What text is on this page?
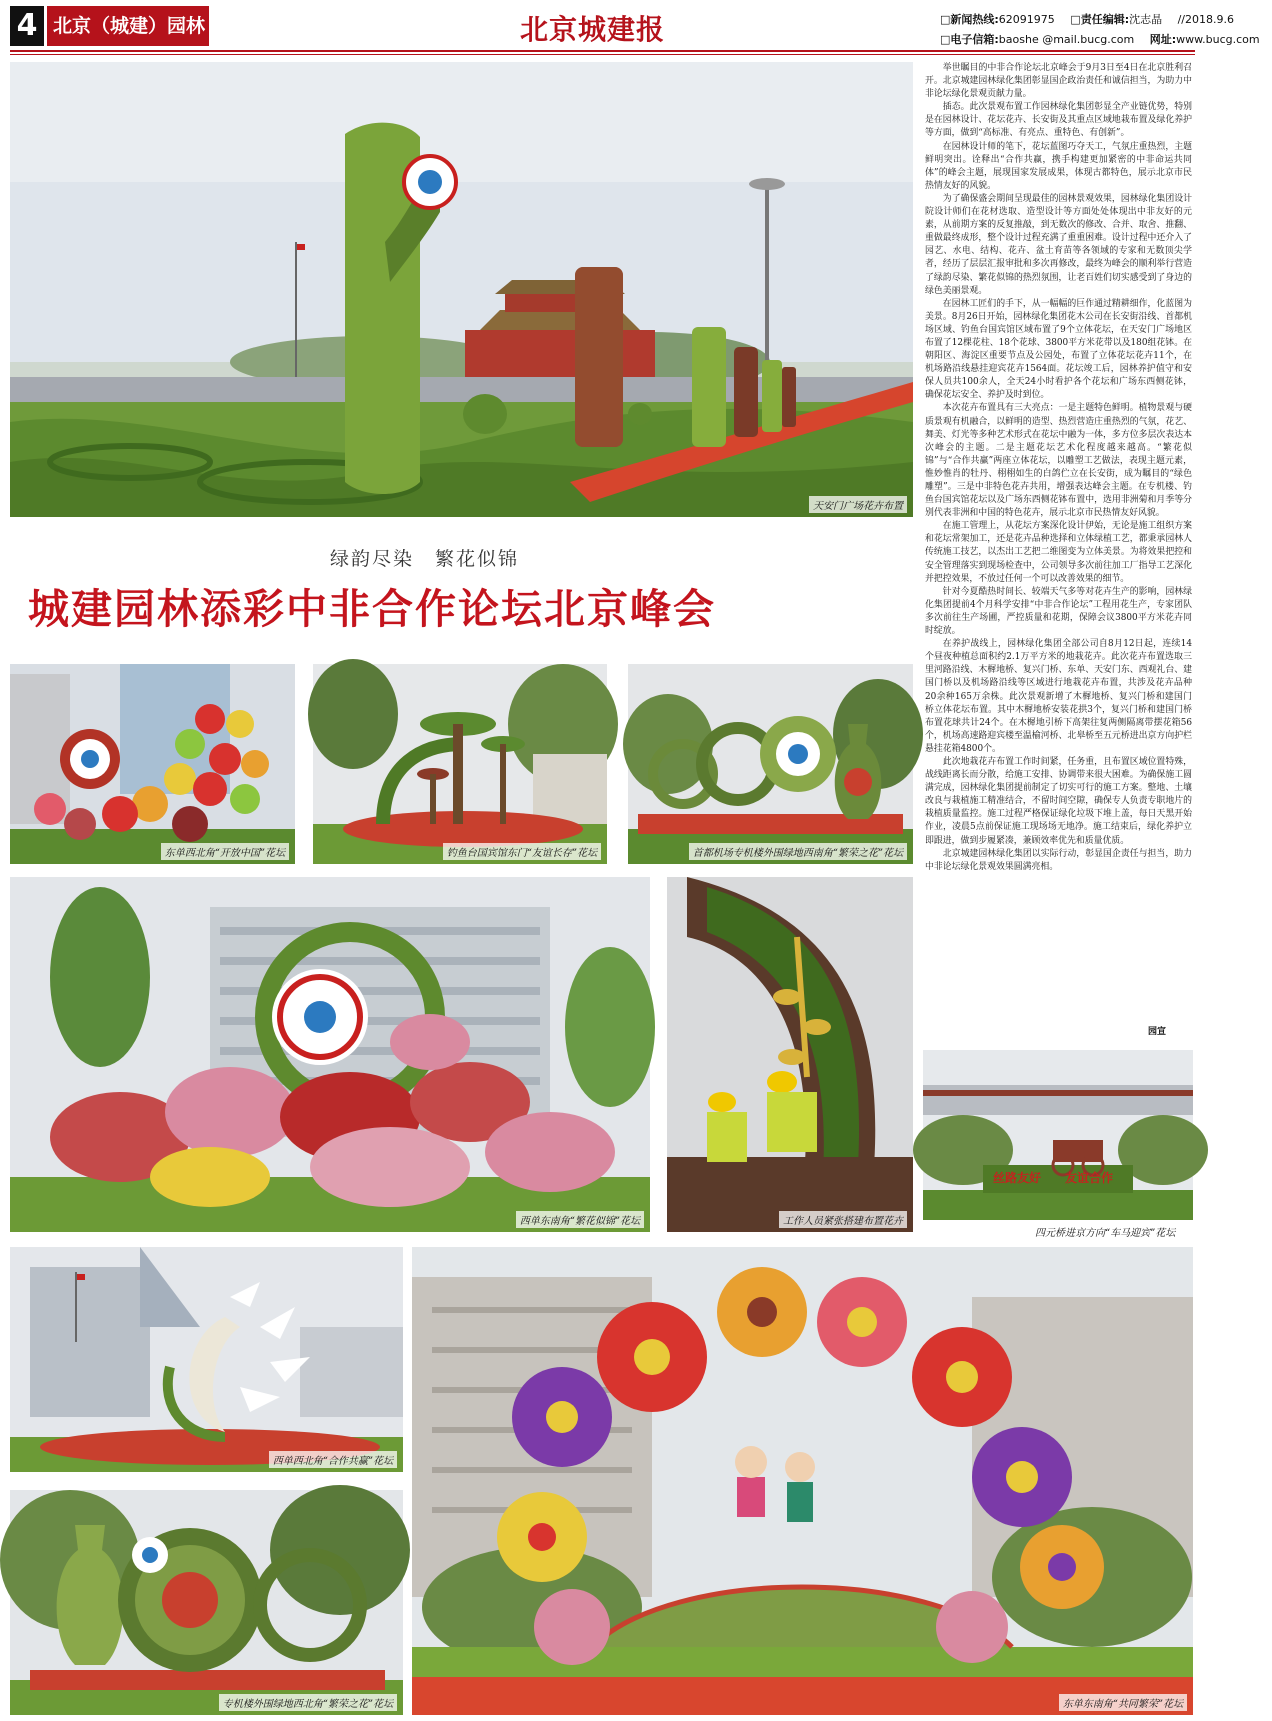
4 北京（城建）园林	北京城建报	□新闻热线:62091975 □责任编辑:沈志晶 //2018.9.6
□电子信箱:baoshe @mail.bucg.com 网址:www.bucg.com
天安门广场花卉布置
绿韵尽染　繁花似锦
城建园林添彩中非合作论坛北京峰会
东单西北角“开放中国”花坛	钓鱼台国宾馆东门“友谊长存”花坛	首都机场专机楼外围绿地西南角“繁荣之花”花坛
西单东南角“繁花似锦”花坛	工作人员紧张搭建布置花卉
丝路友好 友谊合作
四元桥进京方向“车马迎宾”花坛
西单西北角“合作共赢”花坛
专机楼外围绿地西北角“繁荣之花”花坛	东单东南角“共同繁荣”花坛

举世瞩目的中非合作论坛北京峰会于9月3日至4日在北京胜利召开。北京城建园林绿化集团彰显国企政治责任和诚信担当，为助力中非论坛绿化景观贡献力量。

插态。此次景观布置工作园林绿化集团彰显全产业链优势，特别是在园林设计、花坛花卉、长安街及其重点区域地栽布置及绿化养护等方面，做到“高标准、有亮点、重特色、有创新”。

在园林设计师的笔下，花坛蓝图巧夺天工，气氛庄重热烈，主题鲜明突出。诠释出“合作共赢，携手构建更加紧密的中非命运共同体”的峰会主题，展现国家发展成果，体现古都特色，展示北京市民热情友好的风貌。

为了确保盛会期间呈现最佳的园林景观效果，园林绿化集团设计院设计师们在花材选取、造型设计等方面处处体现出中非友好的元素，从前期方案的反复推敲，到无数次的修改、合并、取舍、推翻、重做最终成形，整个设计过程充满了重重困难。设计过程中还介入了园艺、水电、结构、花卉、盆土育苗等各领域的专家和无数顶尖学者，经历了层层汇报审批和多次再修改，最终为峰会的顺利举行营造了绿韵尽染、繁花似锦的热烈氛围，让老百姓们切实感受到了身边的绿色美丽景观。

在园林工匠们的手下，从一幅幅的巨作通过精耕细作，化蓝图为美景。8月26日开始，园林绿化集团花木公司在长安街沿线、首都机场区域、钓鱼台国宾馆区域布置了9个立体花坛，在天安门广场地区布置了12棵花柱、18个花球、3800平方米花带以及180组花钵。在朝阳区、海淀区重要节点及公园处，布置了立体花坛花卉11个，在机场路沿线悬挂迎宾花卉1564面。花坛竣工后，园林养护值守和安保人员共100余人，全天24小时看护各个花坛和广场东西侧花钵，确保花坛安全、养护及时到位。

本次花卉布置具有三大亮点：一是主题特色鲜明。植物景观与硬质景观有机融合，以鲜明的造型、热烈营造庄重热烈的气氛，花艺、舞美、灯光等多种艺术形式在花坛中融为一体，多方位多层次表达本次峰会的主题。二是主题花坛艺术化程度越来越高。“繁花似锦”与“合作共赢”两座立体花坛，以雕塑工艺做法，表现主题元素，惟妙惟肖的牡丹、栩栩如生的白鸽伫立在长安街，成为瞩目的“绿色雕塑”。三是中非特色花卉共用，增强表达峰会主题。在专机楼、钓鱼台国宾馆花坛以及广场东西侧花钵布置中，选用非洲菊和月季等分别代表非洲和中国的特色花卉，展示北京市民热情友好风貌。

在施工管理上，从花坛方案深化设计伊始，无论是施工组织方案和花坛常架加工，还是花卉品种选择和立体绿植工艺，都秉承园林人传统施工技艺，以杰出工艺把二维图变为立体美景。为将效果把控和安全管理落实到现场检查中，公司领导多次前往加工厂指导工艺深化并把控效果，不放过任何一个可以改善效果的细节。

针对今夏酷热时间长、较端天气多等对花卉生产的影响，园林绿化集团提前4个月科学安排“中非合作论坛”工程用花生产，专家团队多次前往生产场圃，严控质量和花期，保障会议3800平方米花卉同时绽放。

在养护战线上，园林绿化集团全部公司自8月12日起，连续14个昼夜种植总面积约2.1万平方米的地栽花卉。此次花卉布置选取三里河路沿线、木樨地桥、复兴门桥、东单、天安门东、西观礼台、建国门桥以及机场路沿线等区域进行地栽花卉布置，共涉及花卉品种20余种165万余株。此次景观新增了木樨地桥、复兴门桥和建国门桥立体花坛布置。其中木樨地桥安装花拱3个，复兴门桥和建国门桥布置花球共计24个。在木樨地引桥下高架往复两侧隔离带摆花箱56个，机场高速路迎宾楼至温榆河桥、北皋桥至五元桥进出京方向护栏悬挂花箱4800个。

此次地栽花卉布置工作时间紧，任务重，且布置区域位置特殊，战线距离长而分散，给施工安排、协调带来很大困难。为确保施工圆满完成，园林绿化集团提前制定了切实可行的施工方案。整地、土壤改良与栽植施工精准结合，不留时间空隙，确保专人负责专职地片的栽植质量监控。施工过程严格保证绿化垃圾下堆上盖，每日天黑开始作业，凌晨5点前保证施工现场场无地净。施工结束后，绿化养护立即跟进，做到步履紧凑，兼顾效率优先和质量优质。

北京城建园林绿化集团以实际行动，彰显国企责任与担当，助力中非论坛绿化景观效果圆满亮相。

园宣
